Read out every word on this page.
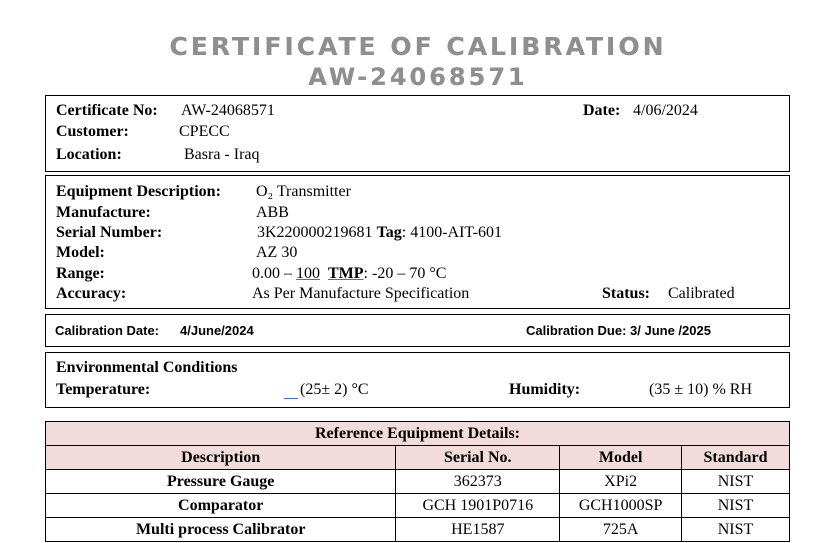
CERTIFICATE OF CALIBRATION
AW-24068571
Certificate No: AW-24068571	Date: 4/06/2024
Customer:	CPECC
Location:	Basra - Iraq
Equipment Description: O₂ Transmitter
Manufacture:	ABB
Serial Number:	3K220000219681 Tag: 4100-AIT-601
Model:	AZ 30
Range:	0.00 – 100 TMP: -20 – 70 °C
Accuracy:	As Per Manufacture Specification	Status: Calibrated
Calibration Date: 4/June/2024	Calibration Due: 3/ June /2025
Environmental Conditions
Temperature:	(25± 2) °C	Humidity:	(35 ± 10) % RH
Reference Equipment Details:			
Description	Serial No.	Model	Standard
Pressure Gauge	362373	XPi2	NIST
Comparator	GCH 1901P0716	GCH1000SP	NIST
Multi process Calibrator	HE1587	725A	NIST
